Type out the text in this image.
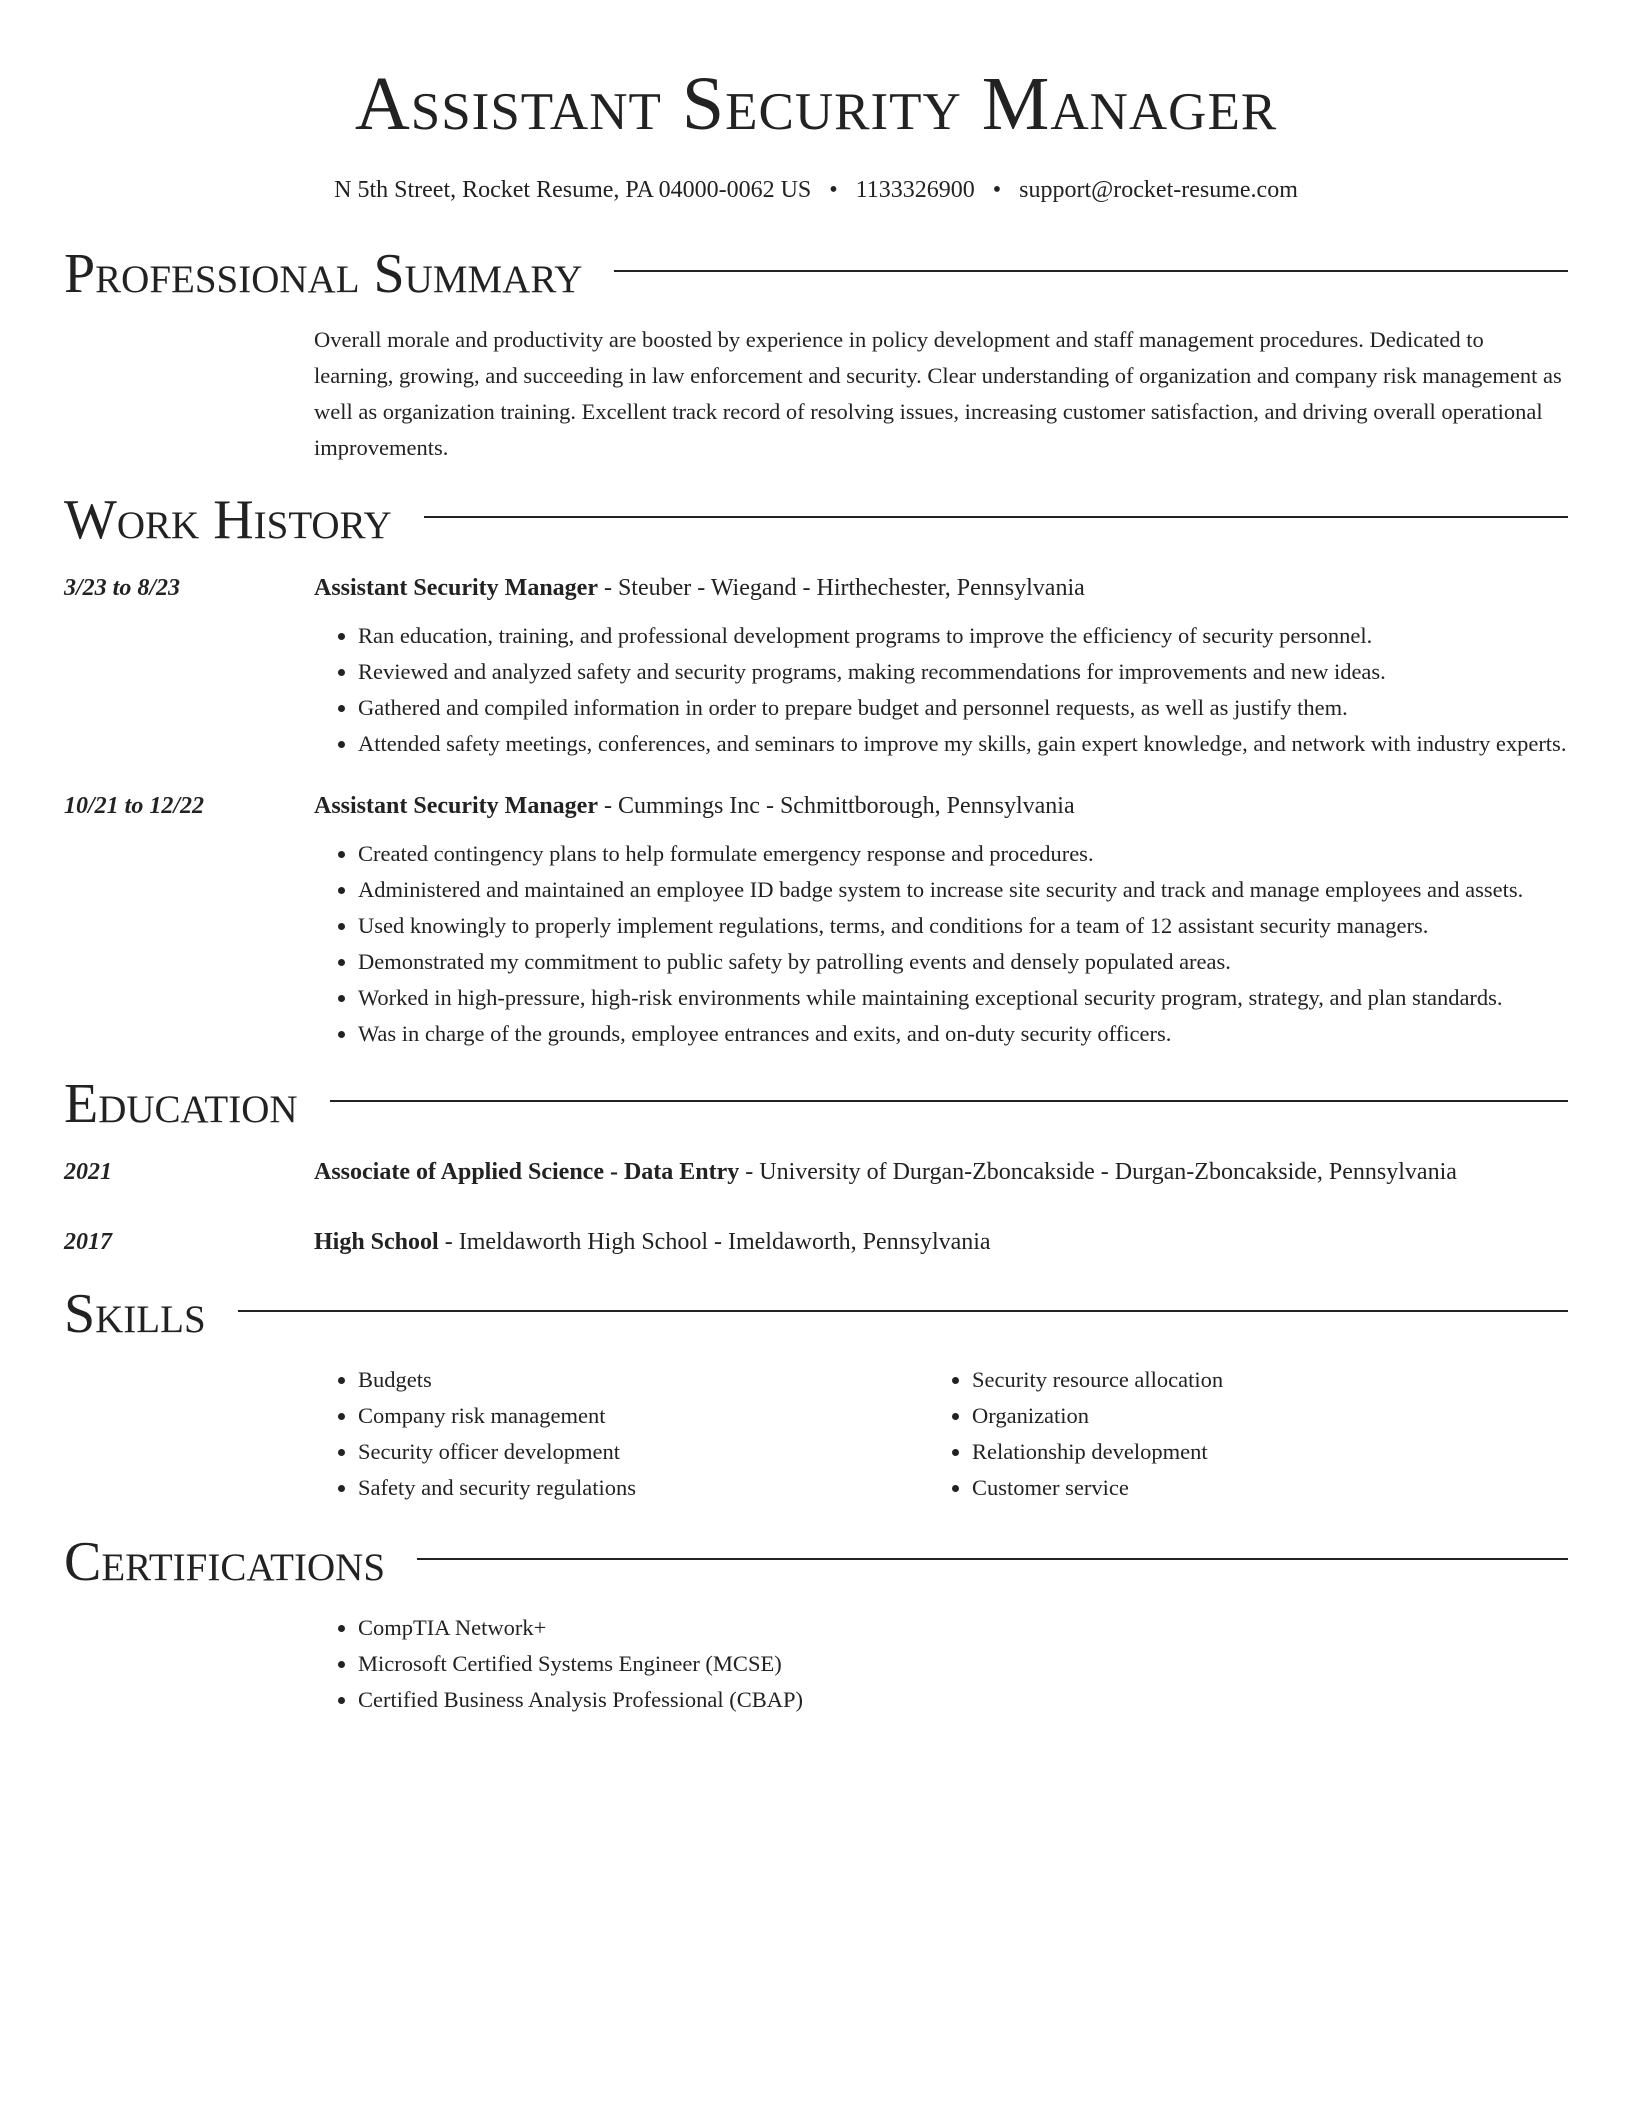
Assistant Security Manager
N 5th Street, Rocket Resume, PA 04000-0062 US • 1133326900 • support@rocket-resume.com
Professional Summary
Overall morale and productivity are boosted by experience in policy development and staff management procedures. Dedicated to learning, growing, and succeeding in law enforcement and security. Clear understanding of organization and company risk management as well as organization training. Excellent track record of resolving issues, increasing customer satisfaction, and driving overall operational improvements.
Work History
3/23 to 8/23	Assistant Security Manager - Steuber - Wiegand - Hirthechester, Pennsylvania
• Ran education, training, and professional development programs to improve the efficiency of security personnel.
• Reviewed and analyzed safety and security programs, making recommendations for improvements and new ideas.
• Gathered and compiled information in order to prepare budget and personnel requests, as well as justify them.
• Attended safety meetings, conferences, and seminars to improve my skills, gain expert knowledge, and network with industry experts.
10/21 to 12/22	Assistant Security Manager - Cummings Inc - Schmittborough, Pennsylvania
• Created contingency plans to help formulate emergency response and procedures.
• Administered and maintained an employee ID badge system to increase site security and track and manage employees and assets.
• Used knowingly to properly implement regulations, terms, and conditions for a team of 12 assistant security managers.
• Demonstrated my commitment to public safety by patrolling events and densely populated areas.
• Worked in high-pressure, high-risk environments while maintaining exceptional security program, strategy, and plan standards.
• Was in charge of the grounds, employee entrances and exits, and on-duty security officers.
Education
2021	Associate of Applied Science - Data Entry - University of Durgan-Zboncakside - Durgan-Zboncakside, Pennsylvania
2017	High School - Imeldaworth High School - Imeldaworth, Pennsylvania
Skills
• Budgets
• Company risk management
• Security officer development
• Safety and security regulations
• Security resource allocation
• Organization
• Relationship development
• Customer service
Certifications
• CompTIA Network+
• Microsoft Certified Systems Engineer (MCSE)
• Certified Business Analysis Professional (CBAP)
